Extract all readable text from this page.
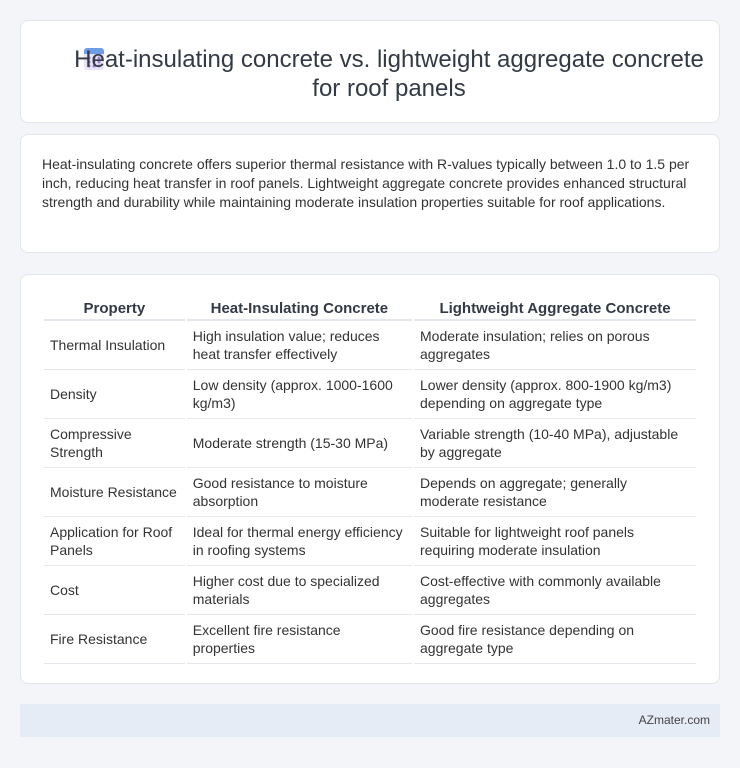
Heat-insulating concrete vs. lightweight aggregate concrete for roof panels

Heat-insulating concrete offers superior thermal resistance with R-values typically between 1.0 to 1.5 per inch, reducing heat transfer in roof panels. Lightweight aggregate concrete provides enhanced structural strength and durability while maintaining moderate insulation properties suitable for roof applications.

Property	Heat-Insulating Concrete	Lightweight Aggregate Concrete
Thermal Insulation	High insulation value; reduces heat transfer effectively	Moderate insulation; relies on porous aggregates
Density	Low density (approx. 1000-1600 kg/m3)	Lower density (approx. 800-1900 kg/m3) depending on aggregate type
Compressive Strength	Moderate strength (15-30 MPa)	Variable strength (10-40 MPa), adjustable by aggregate
Moisture Resistance	Good resistance to moisture absorption	Depends on aggregate; generally moderate resistance
Application for Roof Panels	Ideal for thermal energy efficiency in roofing systems	Suitable for lightweight roof panels requiring moderate insulation
Cost	Higher cost due to specialized materials	Cost-effective with commonly available aggregates
Fire Resistance	Excellent fire resistance properties	Good fire resistance depending on aggregate type
AZmater.com
